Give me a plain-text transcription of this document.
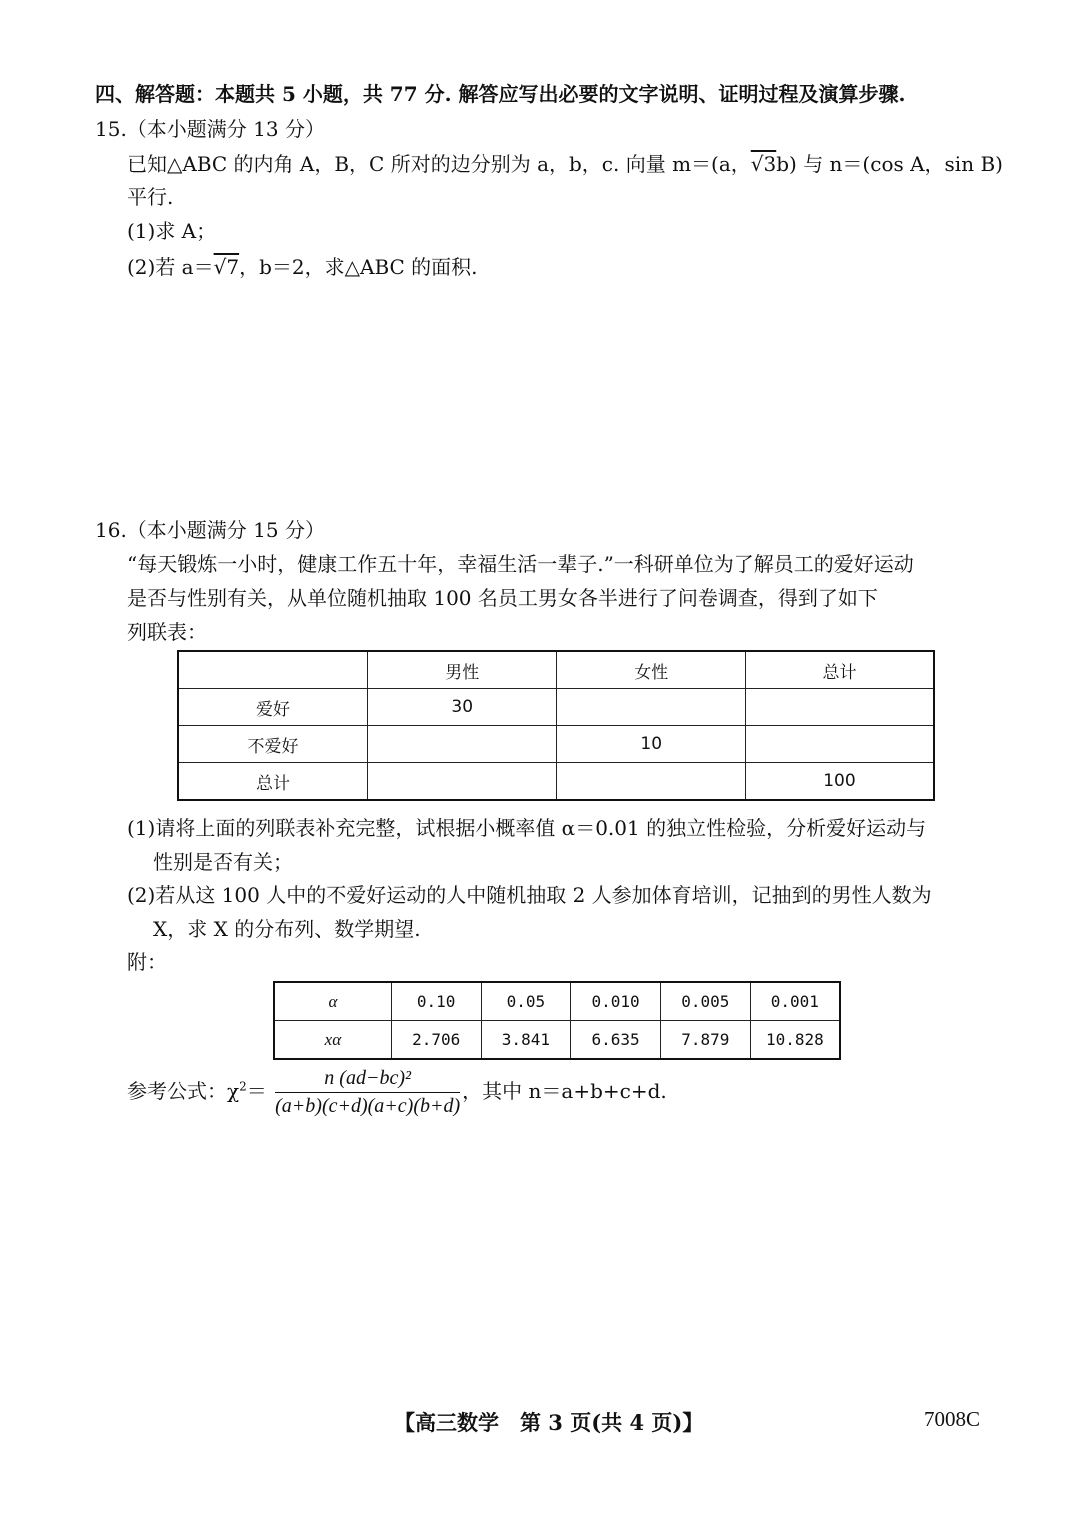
四、解答题：本题共 5 小题，共 77 分. 解答应写出必要的文字说明、证明过程及演算步骤.
15.（本小题满分 13 分）
已知△ABC 的内角 A，B，C 所对的边分别为 a，b，c. 向量 m＝(a，√3b) 与 n＝(cos A，sin B)
平行.
(1)求 A；
(2)若 a＝√7，b＝2，求△ABC 的面积.
16.（本小题满分 15 分）
“每天锻炼一小时，健康工作五十年，幸福生活一辈子.”一科研单位为了解员工的爱好运动
是否与性别有关，从单位随机抽取 100 名员工男女各半进行了问卷调查，得到了如下
列联表：
	男性	女性	总计
爱好	30		
不爱好		10	
总计			100
(1)请将上面的列联表补充完整，试根据小概率值 α＝0.01 的独立性检验，分析爱好运动与
性别是否有关；
(2)若从这 100 人中的不爱好运动的人中随机抽取 2 人参加体育培训，记抽到的男性人数为
X，求 X 的分布列、数学期望.
附：
α	0.10	0.05	0.010	0.005	0.001
xα	2.706	3.841	6.635	7.879	10.828
参考公式：$\chi^2= \frac{\text{n (ad−bc)²}}{(a+b)(c+d)(a+c)(b+d)}$ ，其中 n＝a+b+c+d.
【高三数学　第 3 页(共 4 页)】	7008C
